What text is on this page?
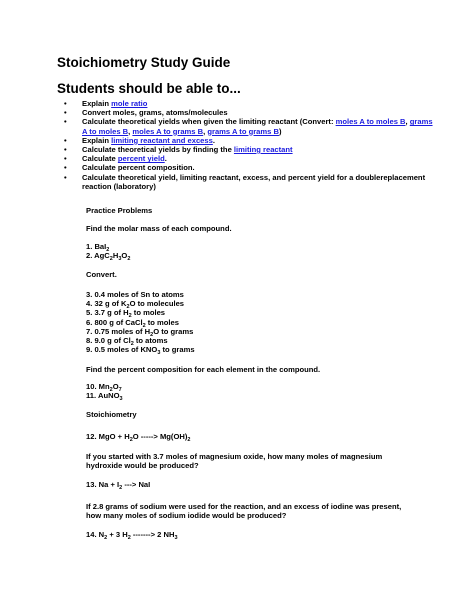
Stoichiometry Study Guide
Students should be able to...
• Explain mole ratio
• Convert moles, grams, atoms/molecules
• Calculate theoretical yields when given the limiting reactant (Convert: moles A to moles B, grams A to moles B, moles A to grams B, grams A to grams B)
• Explain limiting reactant and excess.
• Calculate theoretical yields by finding the limiting reactant
• Calculate percent yield.
• Calculate percent composition.
• Calculate theoretical yield, limiting reactant, excess, and percent yield for a doublereplacement reaction (laboratory)

Practice Problems

Find the molar mass of each compound.

1. BaI$_2$

2. $AgC_2H_3O_2$

Convert.

3. 0.4 moles of Sn to atoms

4. 32 g of $K_2O$ to molecules

5. 3.7 g of $H_2$ to moles

6. 800 g of CaCl$_2$ to moles

7. 0.75 moles of $H_2O$ to grams

8. 9.0 g of $Cl_2$ to atoms

9. 0.5 moles of $KNO_3$ to grams

Find the percent composition for each element in the compound.

10. $Mn_2O_7$

11. AuNO$_3$

Stoichiometry

12. MgO + $H_2O$ -----> $Mg(OH)_2$

If you started with 3.7 moles of magnesium oxide, how many moles of magnesium

hydroxide would be produced?

13. $Na + I_2$ ---> NaI

If 2.8 grams of sodium were used for the reaction, and an excess of iodine was present,

how many moles of sodium iodide would be produced?

14. $N_2 + 3$ $H_2$ -------> 2 $NH_3$
